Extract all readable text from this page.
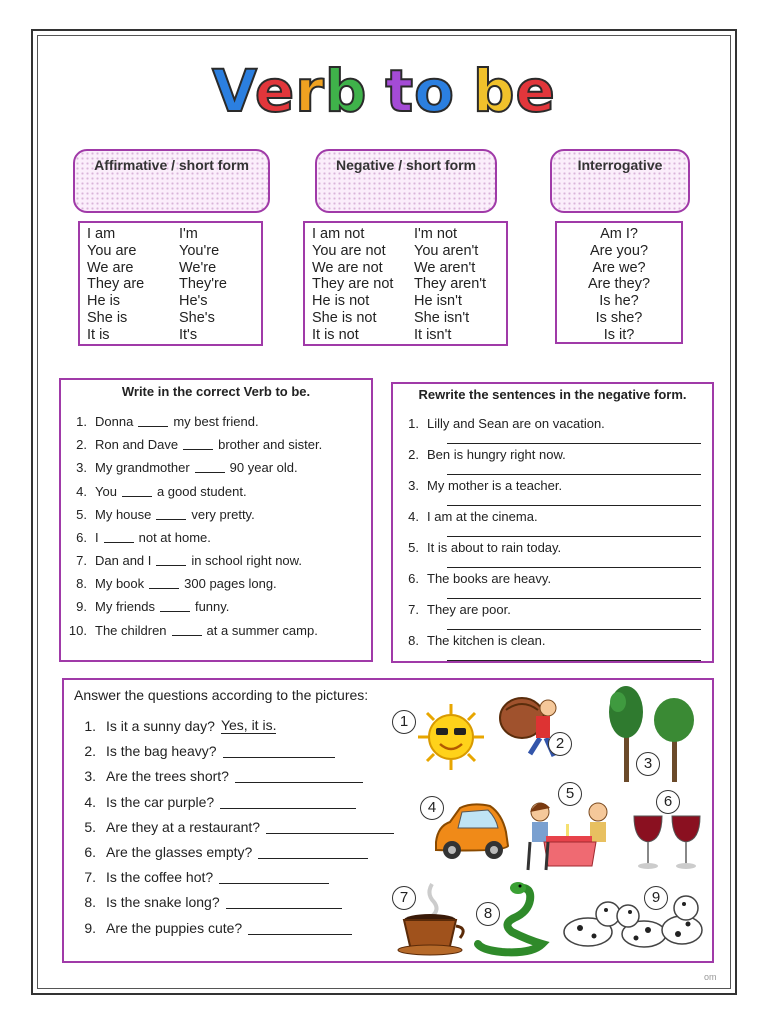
Verb to be
Affirmative / short form	Negative / short form	Interrogative
I am	I'm
You are	You're
We are	We're
They are	They're
He is	He's
She is	She's
It is	It's
I am not	I'm not
You are not	You aren't
We are not	We aren't
They are not	They aren't
He is not	He isn't
She is not	She isn't
It is not	It isn't
Am I?
Are you?
Are we?
Are they?
Is he?
Is she?
Is it?
Write in the correct Verb to be.
1. Donna	my best friend.
2. Ron and Dave	brother and sister.
3. My grandmother	90 year old.
4. You	a good student.
5. My house	very pretty.
6. I	not at home.
7. Dan and I	in school right now.
8. My book	300 pages long.
9. My friends	funny.
10. The children	at a summer camp.
Rewrite the sentences in the negative form.
1. Lilly and Sean are on vacation.
2. Ben is hungry right now.
3. My mother is a teacher.
4. I am at the cinema.
5. It is about to rain today.
6. The books are heavy.
7. They are poor.
8. The kitchen is clean.
Answer the questions according to the pictures:
1. Is it a sunny day? Yes, it is.
2. Is the bag heavy?
3. Are the trees short?
4. Is the car purple?
5. Are they at a restaurant?
6. Are the glasses empty?
7. Is the coffee hot?
8. Is the snake long?
9. Are the puppies cute?
1
2
3
4
5	6
7
8
9
om
